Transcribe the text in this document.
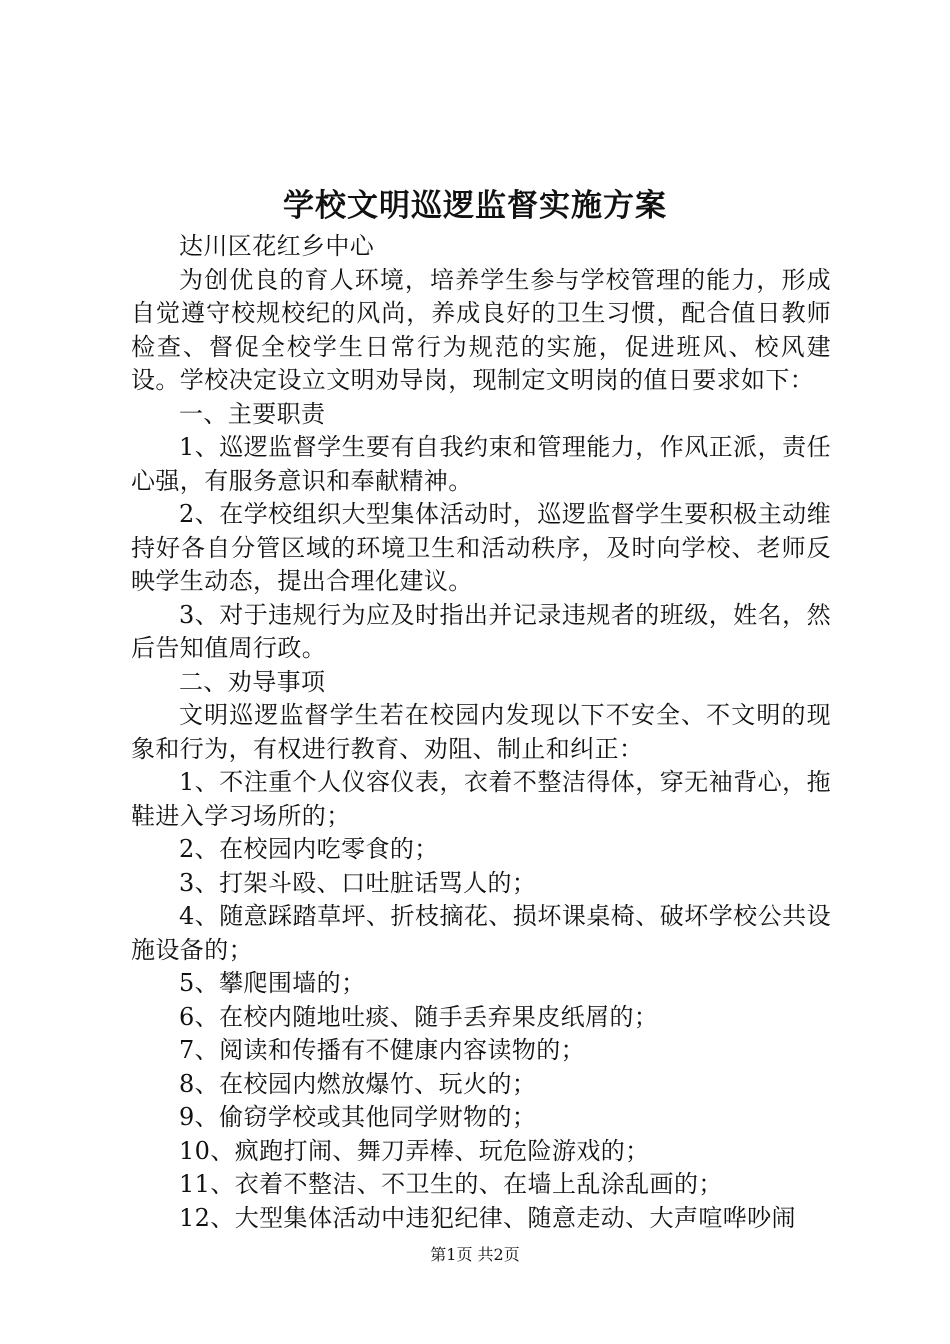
学校文明巡逻监督实施方案

达川区花红乡中心

为创优良的育人环境，培养学生参与学校管理的能力，形成自觉遵守校规校纪的风尚，养成良好的卫生习惯，配合值日教师检查、督促全校学生日常行为规范的实施，促进班风、校风建设。学校决定设立文明劝导岗，现制定文明岗的值日要求如下：

一、主要职责

1、巡逻监督学生要有自我约束和管理能力，作风正派，责任心强，有服务意识和奉献精神。

2、在学校组织大型集体活动时，巡逻监督学生要积极主动维持好各自分管区域的环境卫生和活动秩序，及时向学校、老师反映学生动态，提出合理化建议。

3、对于违规行为应及时指出并记录违规者的班级，姓名，然后告知值周行政。

二、劝导事项

文明巡逻监督学生若在校园内发现以下不安全、不文明的现象和行为，有权进行教育、劝阻、制止和纠正：

1、不注重个人仪容仪表，衣着不整洁得体，穿无袖背心，拖鞋进入学习场所的；

2、在校园内吃零食的；

3、打架斗殴、口吐脏话骂人的；

4、随意踩踏草坪、折枝摘花、损坏课桌椅、破坏学校公共设施设备的；

5、攀爬围墙的；

6、在校内随地吐痰、随手丢弃果皮纸屑的；

7、阅读和传播有不健康内容读物的；

8、在校园内燃放爆竹、玩火的；

9、偷窃学校或其他同学财物的；

10、疯跑打闹、舞刀弄棒、玩危险游戏的；

11、衣着不整洁、不卫生的、在墙上乱涂乱画的；

12、大型集体活动中违犯纪律、随意走动、大声喧哗吵闹

第1页 共2页
